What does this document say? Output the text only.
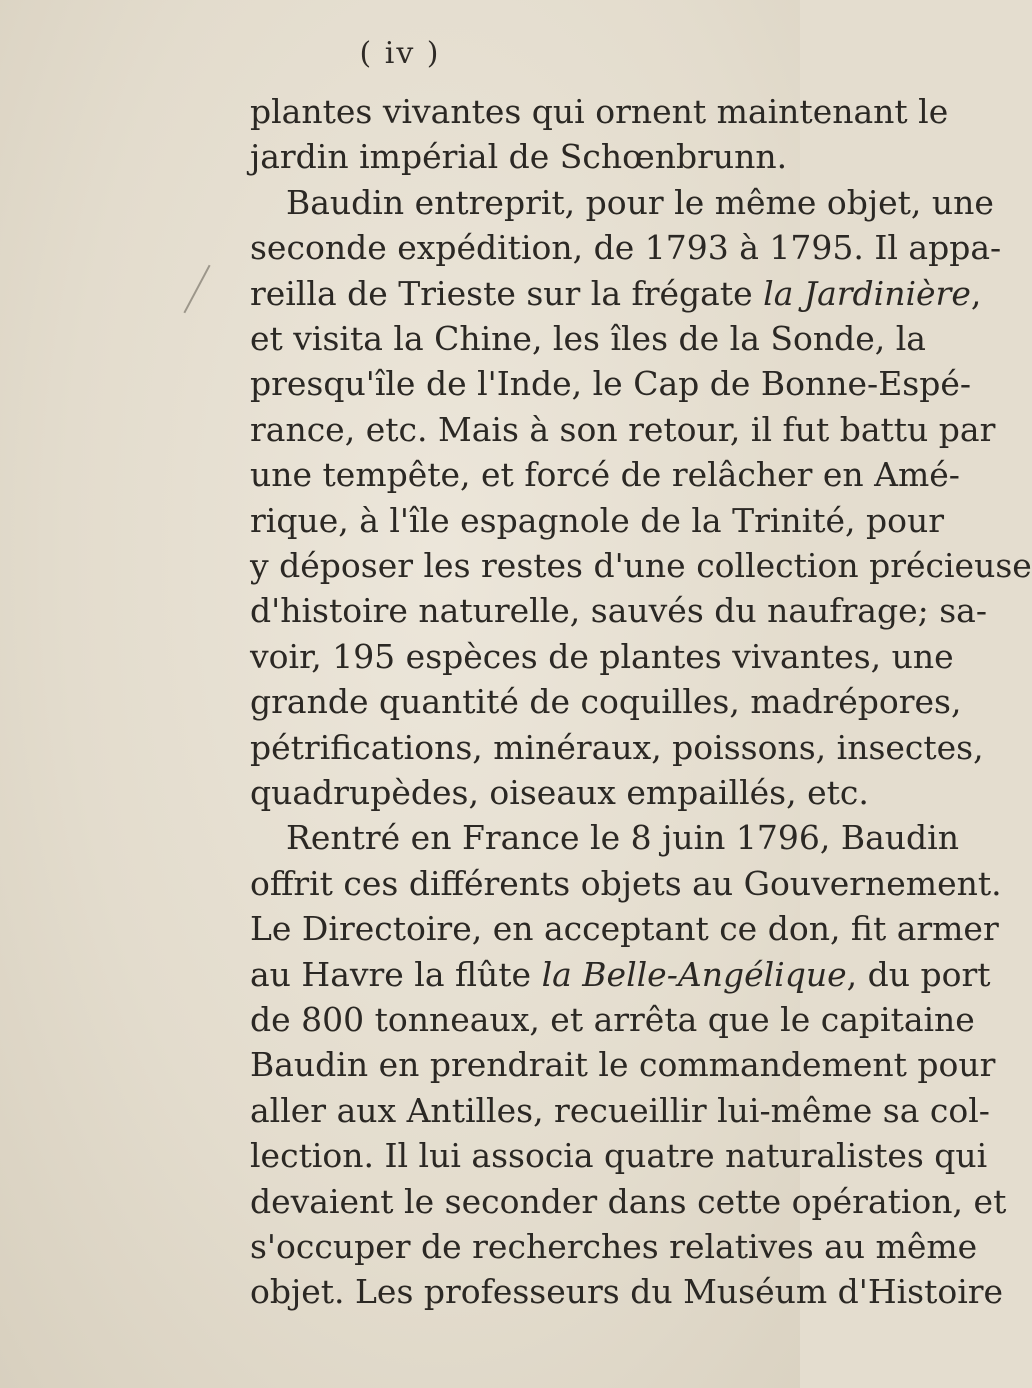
( iv )
plantes vivantes qui ornent maintenant le
jardin impérial de Schœnbrunn.
Baudin entreprit, pour le même objet, une
seconde expédition, de 1793 à 1795. Il appa-
reilla de Trieste sur la frégate la Jardinière,
et visita la Chine, les îles de la Sonde, la
presqu'île de l'Inde, le Cap de Bonne-Espé-
rance, etc. Mais à son retour, il fut battu par
une tempête, et forcé de relâcher en Amé-
rique, à l'île espagnole de la Trinité, pour
y déposer les restes d'une collection précieuse
d'histoire naturelle, sauvés du naufrage; sa-
voir, 195 espèces de plantes vivantes, une
grande quantité de coquilles, madrépores,
pétrifications, minéraux, poissons, insectes,
quadrupèdes, oiseaux empaillés, etc.
Rentré en France le 8 juin 1796, Baudin
offrit ces différents objets au Gouvernement.
Le Directoire, en acceptant ce don, fit armer
au Havre la flûte la Belle-Angélique, du port
de 800 tonneaux, et arrêta que le capitaine
Baudin en prendrait le commandement pour
aller aux Antilles, recueillir lui-même sa col-
lection. Il lui associa quatre naturalistes qui
devaient le seconder dans cette opération, et
s'occuper de recherches relatives au même
objet. Les professeurs du Muséum d'Histoire
